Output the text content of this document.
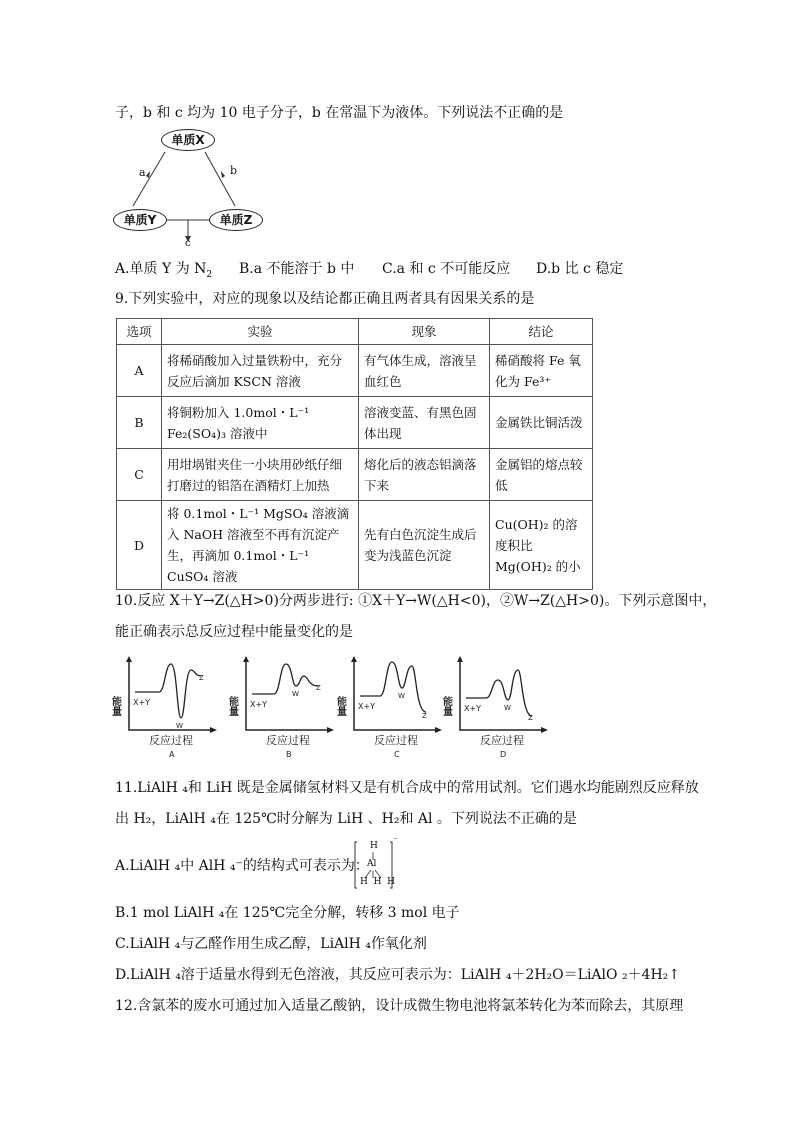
子，b 和 c 均为 10 电子分子，b 在常温下为液体。下列说法不正确的是
单质X
单质Y	单质Z
a	b
c
A.单质 Y 为 $N_2$ B.a 不能溶于 b 中 C.a 和 c 不可能反应 D.b 比 c 稳定
9.下列实验中，对应的现象以及结论都正确且两者具有因果关系的是
选项	实验	现象	结论
A	将稀硝酸加入过量铁粉中，充分反应后滴加 KSCN 溶液	有气体生成，溶液呈血红色	稀硝酸将 Fe 氧化为 Fe³⁺
B	将铜粉加入 1.0mol・L⁻¹ Fe₂(SO₄)₃ 溶液中	溶液变蓝、有黑色固体出现	金属铁比铜活泼
C	用坩埚钳夹住一小块用砂纸仔细打磨过的铝箔在酒精灯上加热	熔化后的液态铝滴落下来	金属铝的熔点较低
D	将 0.1mol・L⁻¹ MgSO₄ 溶液滴入 NaOH 溶液至不再有沉淀产生，再滴加 0.1mol・L⁻¹ CuSO₄ 溶液	先有白色沉淀生成后变为浅蓝色沉淀	Cu(OH)₂ 的溶度积比 Mg(OH)₂ 的小
10.反应 X＋Y→Z(△H>0)分两步进行: ①X＋Y→W(△H<0)，②W→Z(△H>0)。下列示意图中，
能正确表示总反应过程中能量变化的是
能量 X+Y
W
Z
反应过程
A
能量 X+Y
W
Z
反应过程
B
能量 X+Y
W
Z
反应过程
C
能量 X+Y	W
Z
反应过程
D
11.LiAlH ₄和 LiH 既是金属储氢材料又是有机合成中的常用试剂。它们遇水均能剧烈反应释放
出 H₂，LiAlH ₄在 125℃时分解为 LiH 、H₂和 Al 。下列说法不正确的是
A.LiAlH ₄中 AlH ₄⁻的结构式可表示为：
H
Al
H  H  H
⁻
B.1 mol LiAlH ₄在 125℃完全分解，转移 3 mol 电子
C.LiAlH ₄与乙醛作用生成乙醇，LiAlH ₄作氧化剂
D.LiAlH ₄溶于适量水得到无色溶液，其反应可表示为：LiAlH ₄＋2H₂O＝LiAlO ₂＋4H₂↑
12.含氯苯的废水可通过加入适量乙酸钠，设计成微生物电池将氯苯转化为苯而除去，其原理
